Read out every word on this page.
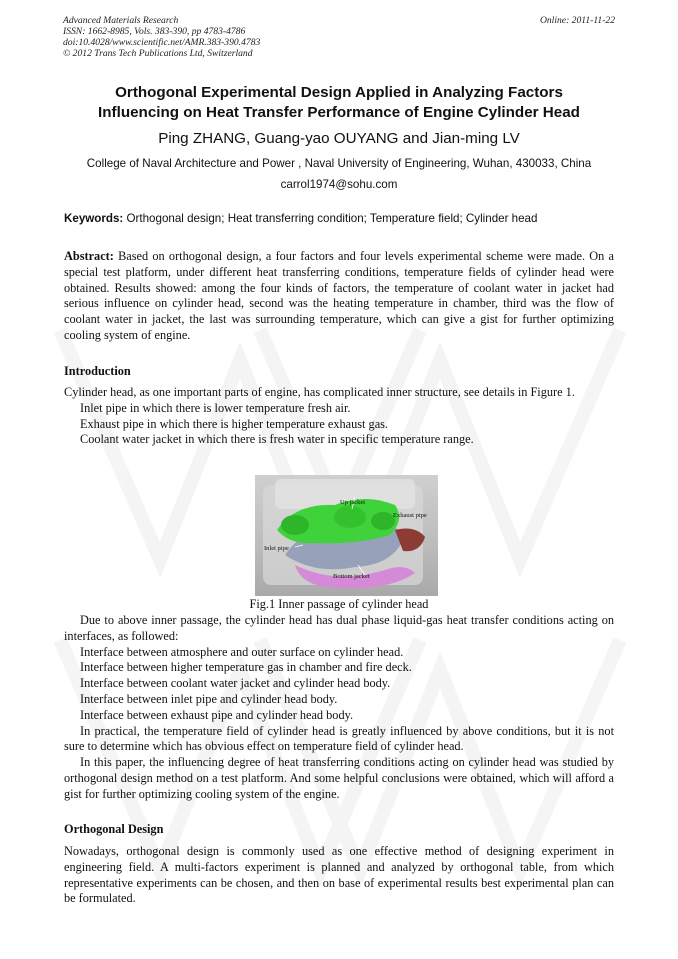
Advanced Materials Research
ISSN: 1662-8985, Vols. 383-390, pp 4783-4786
doi:10.4028/www.scientific.net/AMR.383-390.4783
© 2012 Trans Tech Publications Ltd, Switzerland
Online: 2011-11-22
Orthogonal Experimental Design Applied in Analyzing Factors
Influencing on Heat Transfer Performance of Engine Cylinder Head
Ping ZHANG, Guang-yao OUYANG and Jian-ming LV
College of Naval Architecture and Power , Naval University of Engineering, Wuhan, 430033, China
carrol1974@sohu.com
Keywords: Orthogonal design; Heat transferring condition; Temperature field; Cylinder head
Abstract: Based on orthogonal design, a four factors and four levels experimental scheme were made. On a special test platform, under different heat transferring conditions, temperature fields of cylinder head were obtained. Results showed: among the four kinds of factors, the temperature of coolant water in jacket had serious influence on cylinder head, second was the heating temperature in chamber, third was the flow of coolant water in jacket, the last was surrounding temperature, which can give a gist for further optimizing cooling system of engine.
Introduction

Cylinder head, as one important parts of engine, has complicated inner structure, see details in Figure 1.

Inlet pipe in which there is lower temperature fresh air.

Exhaust pipe in which there is higher temperature exhaust gas.

Coolant water jacket in which there is fresh water in specific temperature range.

Up jacket
Exhaust pipe
Inlet pipe
Bottom jacket
Fig.1 Inner passage of cylinder head

Due to above inner passage, the cylinder head has dual phase liquid-gas heat transfer conditions acting on interfaces, as followed:

Interface between atmosphere and outer surface on cylinder head.

Interface between higher temperature gas in chamber and fire deck.

Interface between coolant water jacket and cylinder head body.

Interface between inlet pipe and cylinder head body.

Interface between exhaust pipe and cylinder head body.

In practical, the temperature field of cylinder head is greatly influenced by above conditions, but it is not sure to determine which has obvious effect on temperature field of cylinder head.

In this paper, the influencing degree of heat transferring conditions acting on cylinder head was studied by orthogonal design method on a test platform. And some helpful conclusions were obtained, which will afford a gist for further optimizing cooling system of the engine.

Orthogonal Design

Nowadays, orthogonal design is commonly used as one effective method of designing experiment in engineering field. A multi-factors experiment is planned and analyzed by orthogonal table, from which representative experiments can be chosen, and then on base of experimental results best experimental plan can be formulated.
